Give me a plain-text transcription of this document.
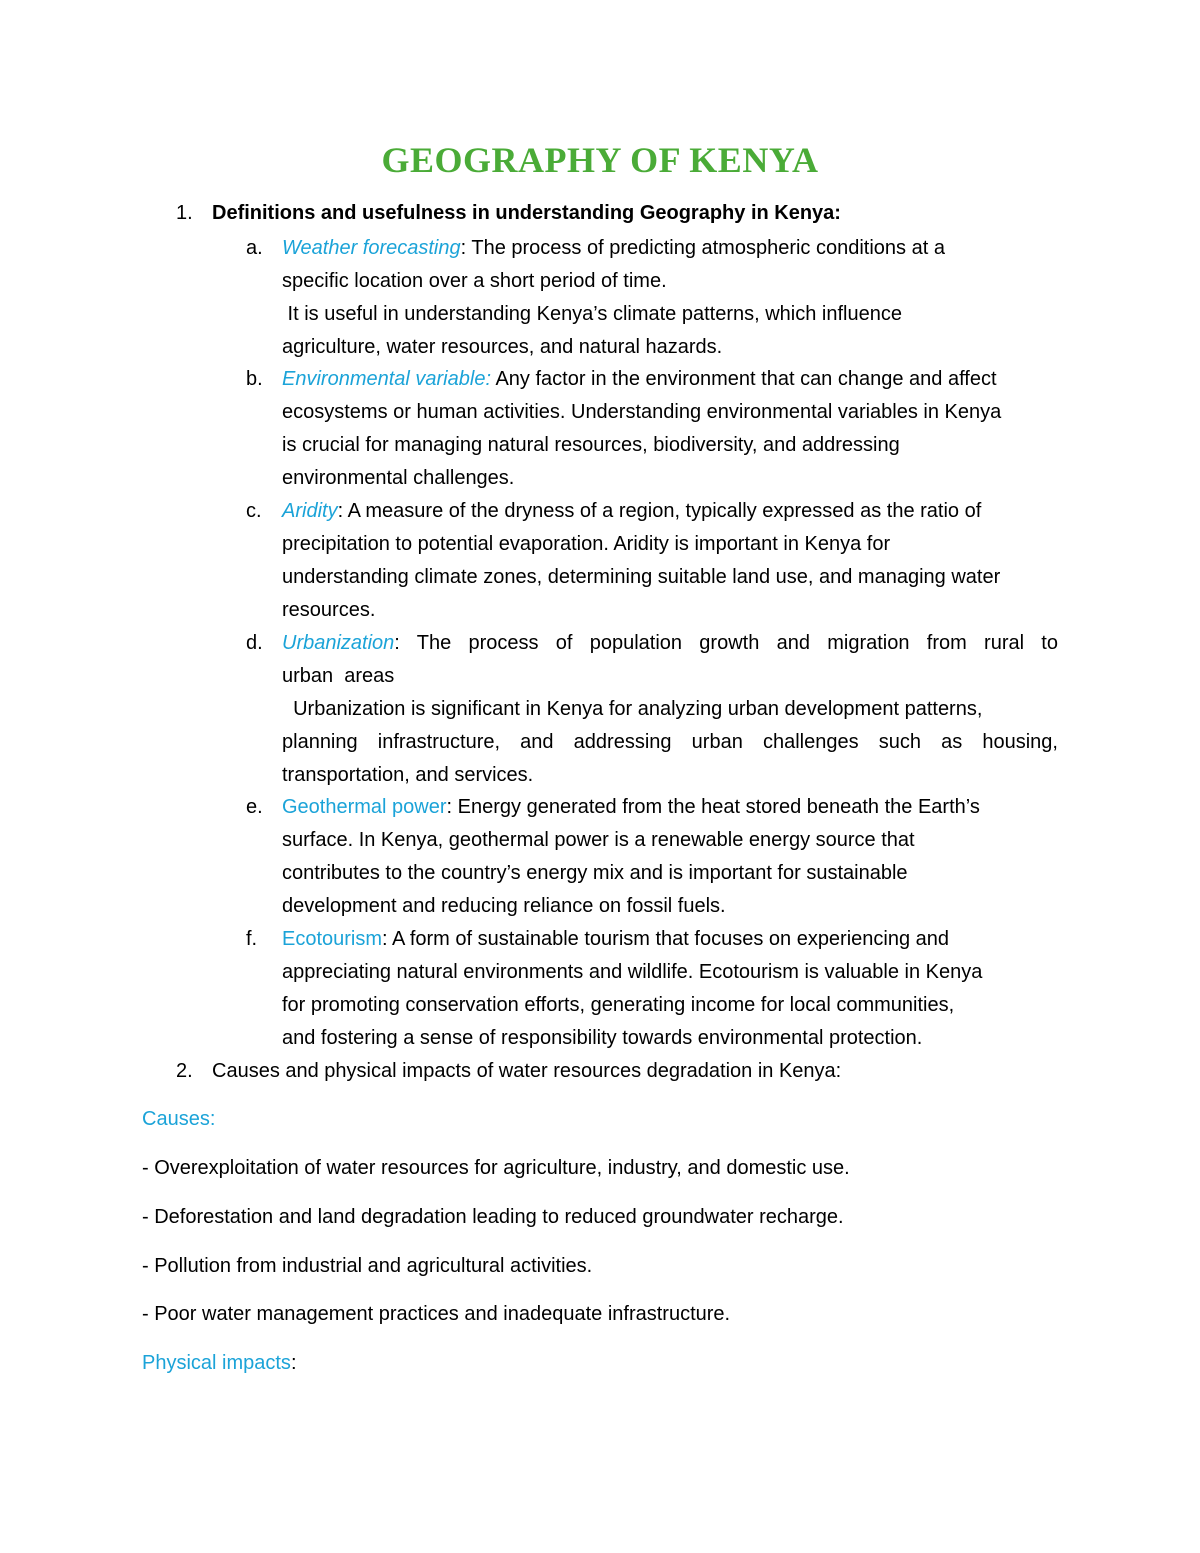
GEOGRAPHY OF KENYA
1. Definitions and usefulness in understanding Geography in Kenya:
a. Weather forecasting: The process of predicting atmospheric conditions at a
specific location over a short period of time.
It is useful in understanding Kenya’s climate patterns, which influence
agriculture, water resources, and natural hazards.
b. Environmental variable: Any factor in the environment that can change and affect
ecosystems or human activities. Understanding environmental variables in Kenya
is crucial for managing natural resources, biodiversity, and addressing
environmental challenges.
c. Aridity: A measure of the dryness of a region, typically expressed as the ratio of
precipitation to potential evaporation. Aridity is important in Kenya for
understanding climate zones, determining suitable land use, and managing water
resources.
d. Urbanization: The process of population growth and migration from rural to
urban  areas
Urbanization is significant in Kenya for analyzing urban development patterns,
planning infrastructure, and addressing urban challenges such as housing,
transportation, and services.
e. Geothermal power: Energy generated from the heat stored beneath the Earth’s
surface. In Kenya, geothermal power is a renewable energy source that
contributes to the country’s energy mix and is important for sustainable
development and reducing reliance on fossil fuels.
f. Ecotourism: A form of sustainable tourism that focuses on experiencing and
appreciating natural environments and wildlife. Ecotourism is valuable in Kenya
for promoting conservation efforts, generating income for local communities,
and fostering a sense of responsibility towards environmental protection.
2. Causes and physical impacts of water resources degradation in Kenya:
Causes:
- Overexploitation of water resources for agriculture, industry, and domestic use.
- Deforestation and land degradation leading to reduced groundwater recharge.
- Pollution from industrial and agricultural activities.
- Poor water management practices and inadequate infrastructure.
Physical impacts:
